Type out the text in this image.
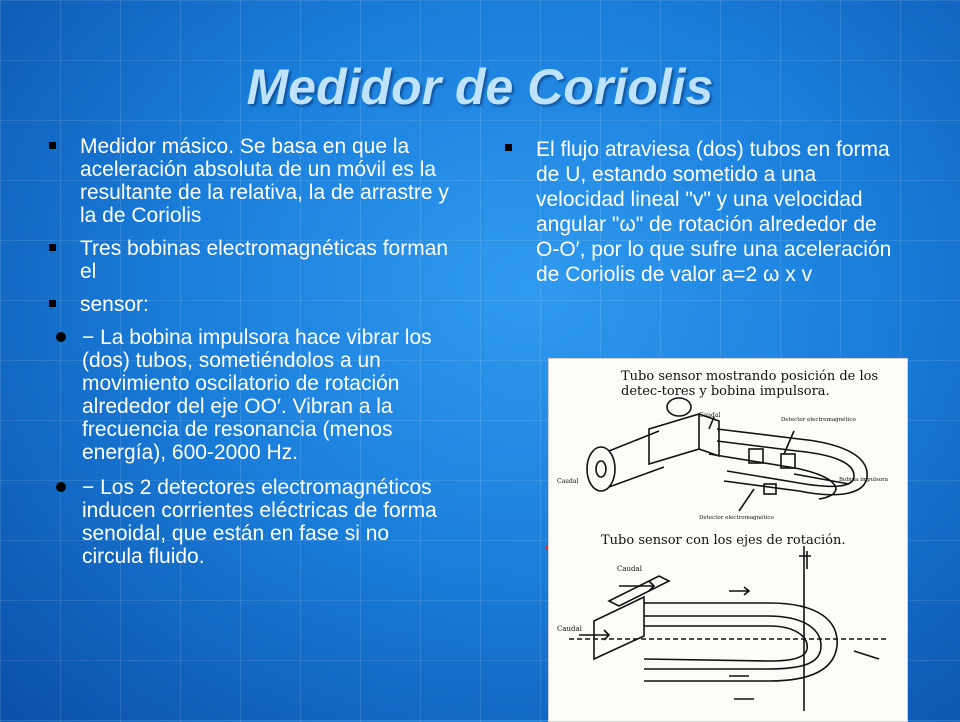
Medidor de Coriolis
Medidor másico. Se basa en que la aceleración absoluta de un móvil es la resultante de la relativa, la de arrastre y la de Coriolis
Tres bobinas electromagnéticas forman el
sensor:
− La bobina impulsora hace vibrar los (dos) tubos, sometiéndolos a un movimiento oscilatorio de rotación alrededor del eje OO′. Vibran a la frecuencia de resonancia (menos energía), 600-2000 Hz.
− Los 2 detectores electromagnéticos inducen corrientes eléctricas de forma senoidal, que están en fase si no circula fluido.
El flujo atraviesa (dos) tubos en forma de U, estando sometido a una velocidad lineal "v" y una velocidad angular "ω" de rotación alrededor de O-O′, por lo que sufre una aceleración de Coriolis de valor a=2 ω x v
Tubo sensor mostrando posición de los detec-tores y bobina impulsora.
Caudal
Caudal
Detector electromagnético
Detector electromagnético
Bobina impulsora
Tubo sensor con los ejes de rotación.
Caudal
Caudal
